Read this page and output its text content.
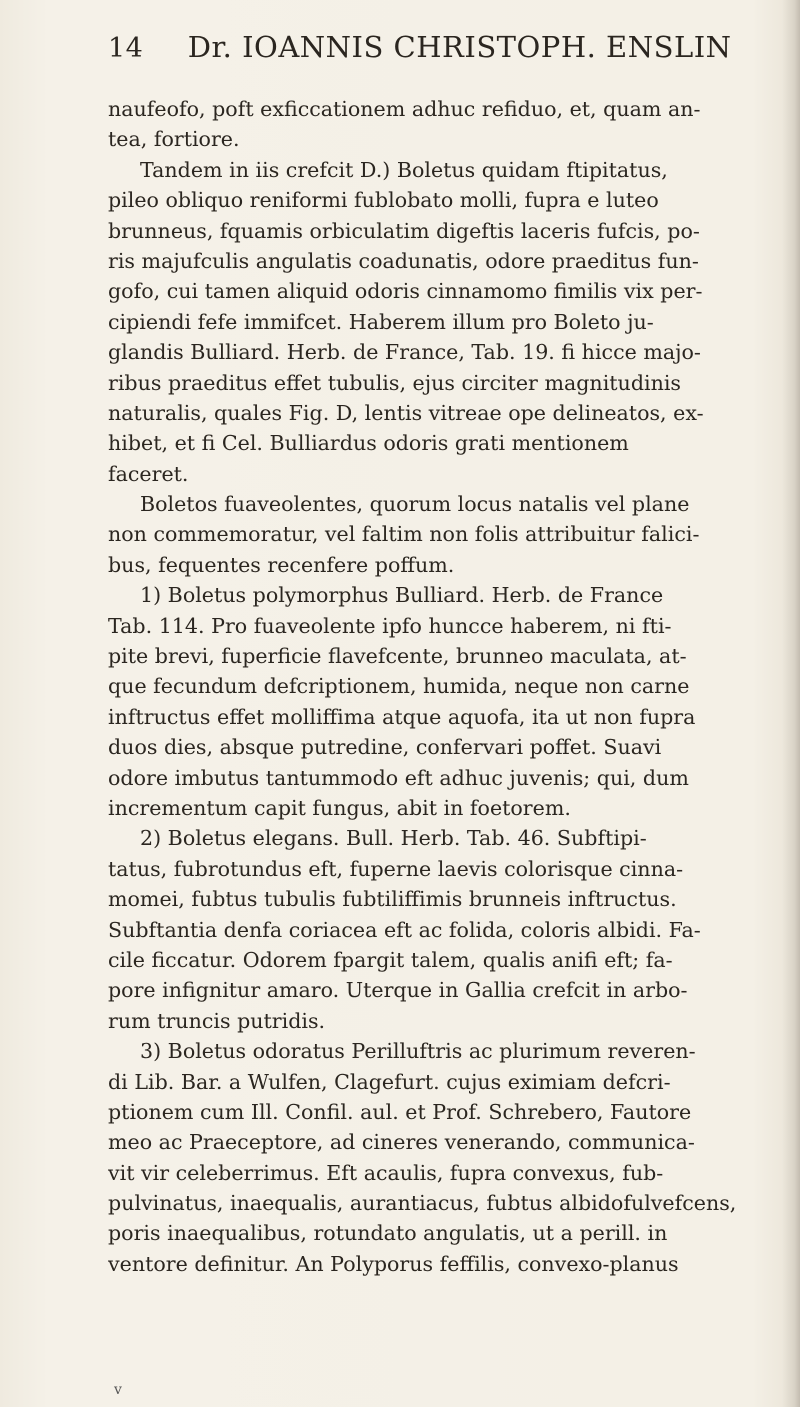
14 Dr. IOANNIS CHRISTOPH. ENSLIN
naufeofo, poft exficcationem adhuc refiduo, et, quam an-
tea, fortiore.
Tandem in iis crefcit D.) Boletus quidam ftipitatus,
pileo obliquo reniformi fublobato molli, fupra e luteo
brunneus, fquamis orbiculatim digeftis laceris fufcis, po-
ris majufculis angulatis coadunatis, odore praeditus fun-
gofo, cui tamen aliquid odoris cinnamomo fimilis vix per-
cipiendi fefe immifcet. Haberem illum pro Boleto ju-
glandis Bulliard. Herb. de France, Tab. 19. fi hicce majo-
ribus praeditus effet tubulis, ejus circiter magnitudinis
naturalis, quales Fig. D, lentis vitreae ope delineatos, ex-
hibet, et fi Cel. Bulliardus odoris grati mentionem
faceret.
Boletos fuaveolentes, quorum locus natalis vel plane
non commemoratur, vel faltim non folis attribuitur falici-
bus, fequentes recenfere poffum.
1) Boletus polymorphus Bulliard. Herb. de France
Tab. 114. Pro fuaveolente ipfo huncce haberem, ni fti-
pite brevi, fuperficie flavefcente, brunneo maculata, at-
que fecundum defcriptionem, humida, neque non carne
inftructus effet molliffima atque aquofa, ita ut non fupra
duos dies, absque putredine, confervari poffet. Suavi
odore imbutus tantummodo eft adhuc juvenis; qui, dum
incrementum capit fungus, abit in foetorem.
2) Boletus elegans. Bull. Herb. Tab. 46. Subftipi-
tatus, fubrotundus eft, fuperne laevis colorisque cinna-
momei, fubtus tubulis fubtiliffimis brunneis inftructus.
Subftantia denfa coriacea eft ac folida, coloris albidi. Fa-
cile ficcatur. Odorem fpargit talem, qualis anifi eft; fa-
pore infignitur amaro. Uterque in Gallia crefcit in arbo-
rum truncis putridis.
3) Boletus odoratus Perilluftris ac plurimum reveren-
di Lib. Bar. a Wulfen, Clagefurt. cujus eximiam defcri-
ptionem cum Ill. Confil. aul. et Prof. Schrebero, Fautore
meo ac Praeceptore, ad cineres venerando, communica-
vit vir celeberrimus. Eft acaulis, fupra convexus, fub-
pulvinatus, inaequalis, aurantiacus, fubtus albidofulvefcens,
poris inaequalibus, rotundato angulatis, ut a perill. in
ventore definitur. An Polyporus feffilis, convexo-planus
v
